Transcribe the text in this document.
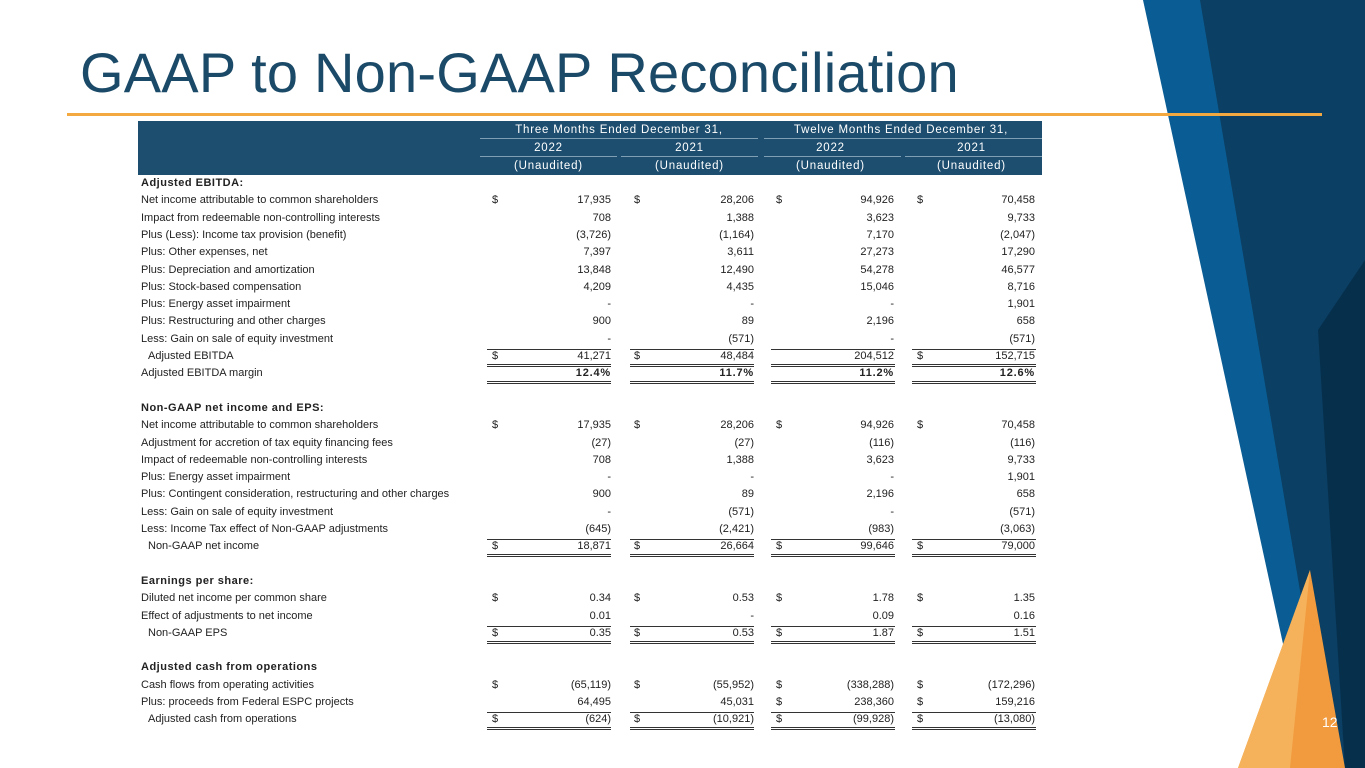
GAAP to Non-GAAP Reconciliation
12
Three Months Ended December 31,	Twelve Months Ended December 31,
2022	2021	2022	2021
(Unaudited)	(Unaudited)	(Unaudited)	(Unaudited)
Adjusted EBITDA:
Net income attributable to common shareholders	$	17,935 $	28,206 $	94,926 $	70,458
Impact from redeemable non-controlling interests	708	1,388	3,623	9,733
Plus (Less): Income tax provision (benefit)	(3,726)	(1,164)	7,170	(2,047)
Plus: Other expenses, net	7,397	3,611	27,273	17,290
Plus: Depreciation and amortization	13,848	12,490	54,278	46,577
Plus: Stock-based compensation	4,209	4,435	15,046	8,716
Plus: Energy asset impairment	-	-	-	1,901
Plus: Restructuring and other charges	900	89	2,196	658
Less: Gain on sale of equity investment	-	(571)	-	(571)
Adjusted EBITDA	$	41,271 $	48,484	204,512 $	152,715
Adjusted EBITDA margin	12.4%	11.7%	11.2%	12.6%
Non-GAAP net income and EPS:
Net income attributable to common shareholders	$	17,935 $	28,206 $	94,926 $	70,458
Adjustment for accretion of tax equity financing fees	(27)	(27)	(116)	(116)
Impact of redeemable non-controlling interests	708	1,388	3,623	9,733
Plus: Energy asset impairment	-	-	-	1,901
Plus: Contingent consideration, restructuring and other charges	900	89	2,196	658
Less: Gain on sale of equity investment	-	(571)	-	(571)
Less: Income Tax effect of Non-GAAP adjustments	(645)	(2,421)	(983)	(3,063)
Non-GAAP net income	$	18,871 $	26,664 $	99,646 $	79,000
Earnings per share:
Diluted net income per common share	$	0.34 $	0.53 $	1.78 $	1.35
Effect of adjustments to net income	0.01	-	0.09	0.16
Non-GAAP EPS	$	0.35 $	0.53 $	1.87 $	1.51
Adjusted cash from operations
Cash flows from operating activities	$	(65,119) $	(55,952) $	(338,288) $	(172,296)
Plus: proceeds from Federal ESPC projects	64,495	45,031 $	238,360 $	159,216
Adjusted cash from operations	$	(624) $	(10,921) $	(99,928) $	(13,080)
